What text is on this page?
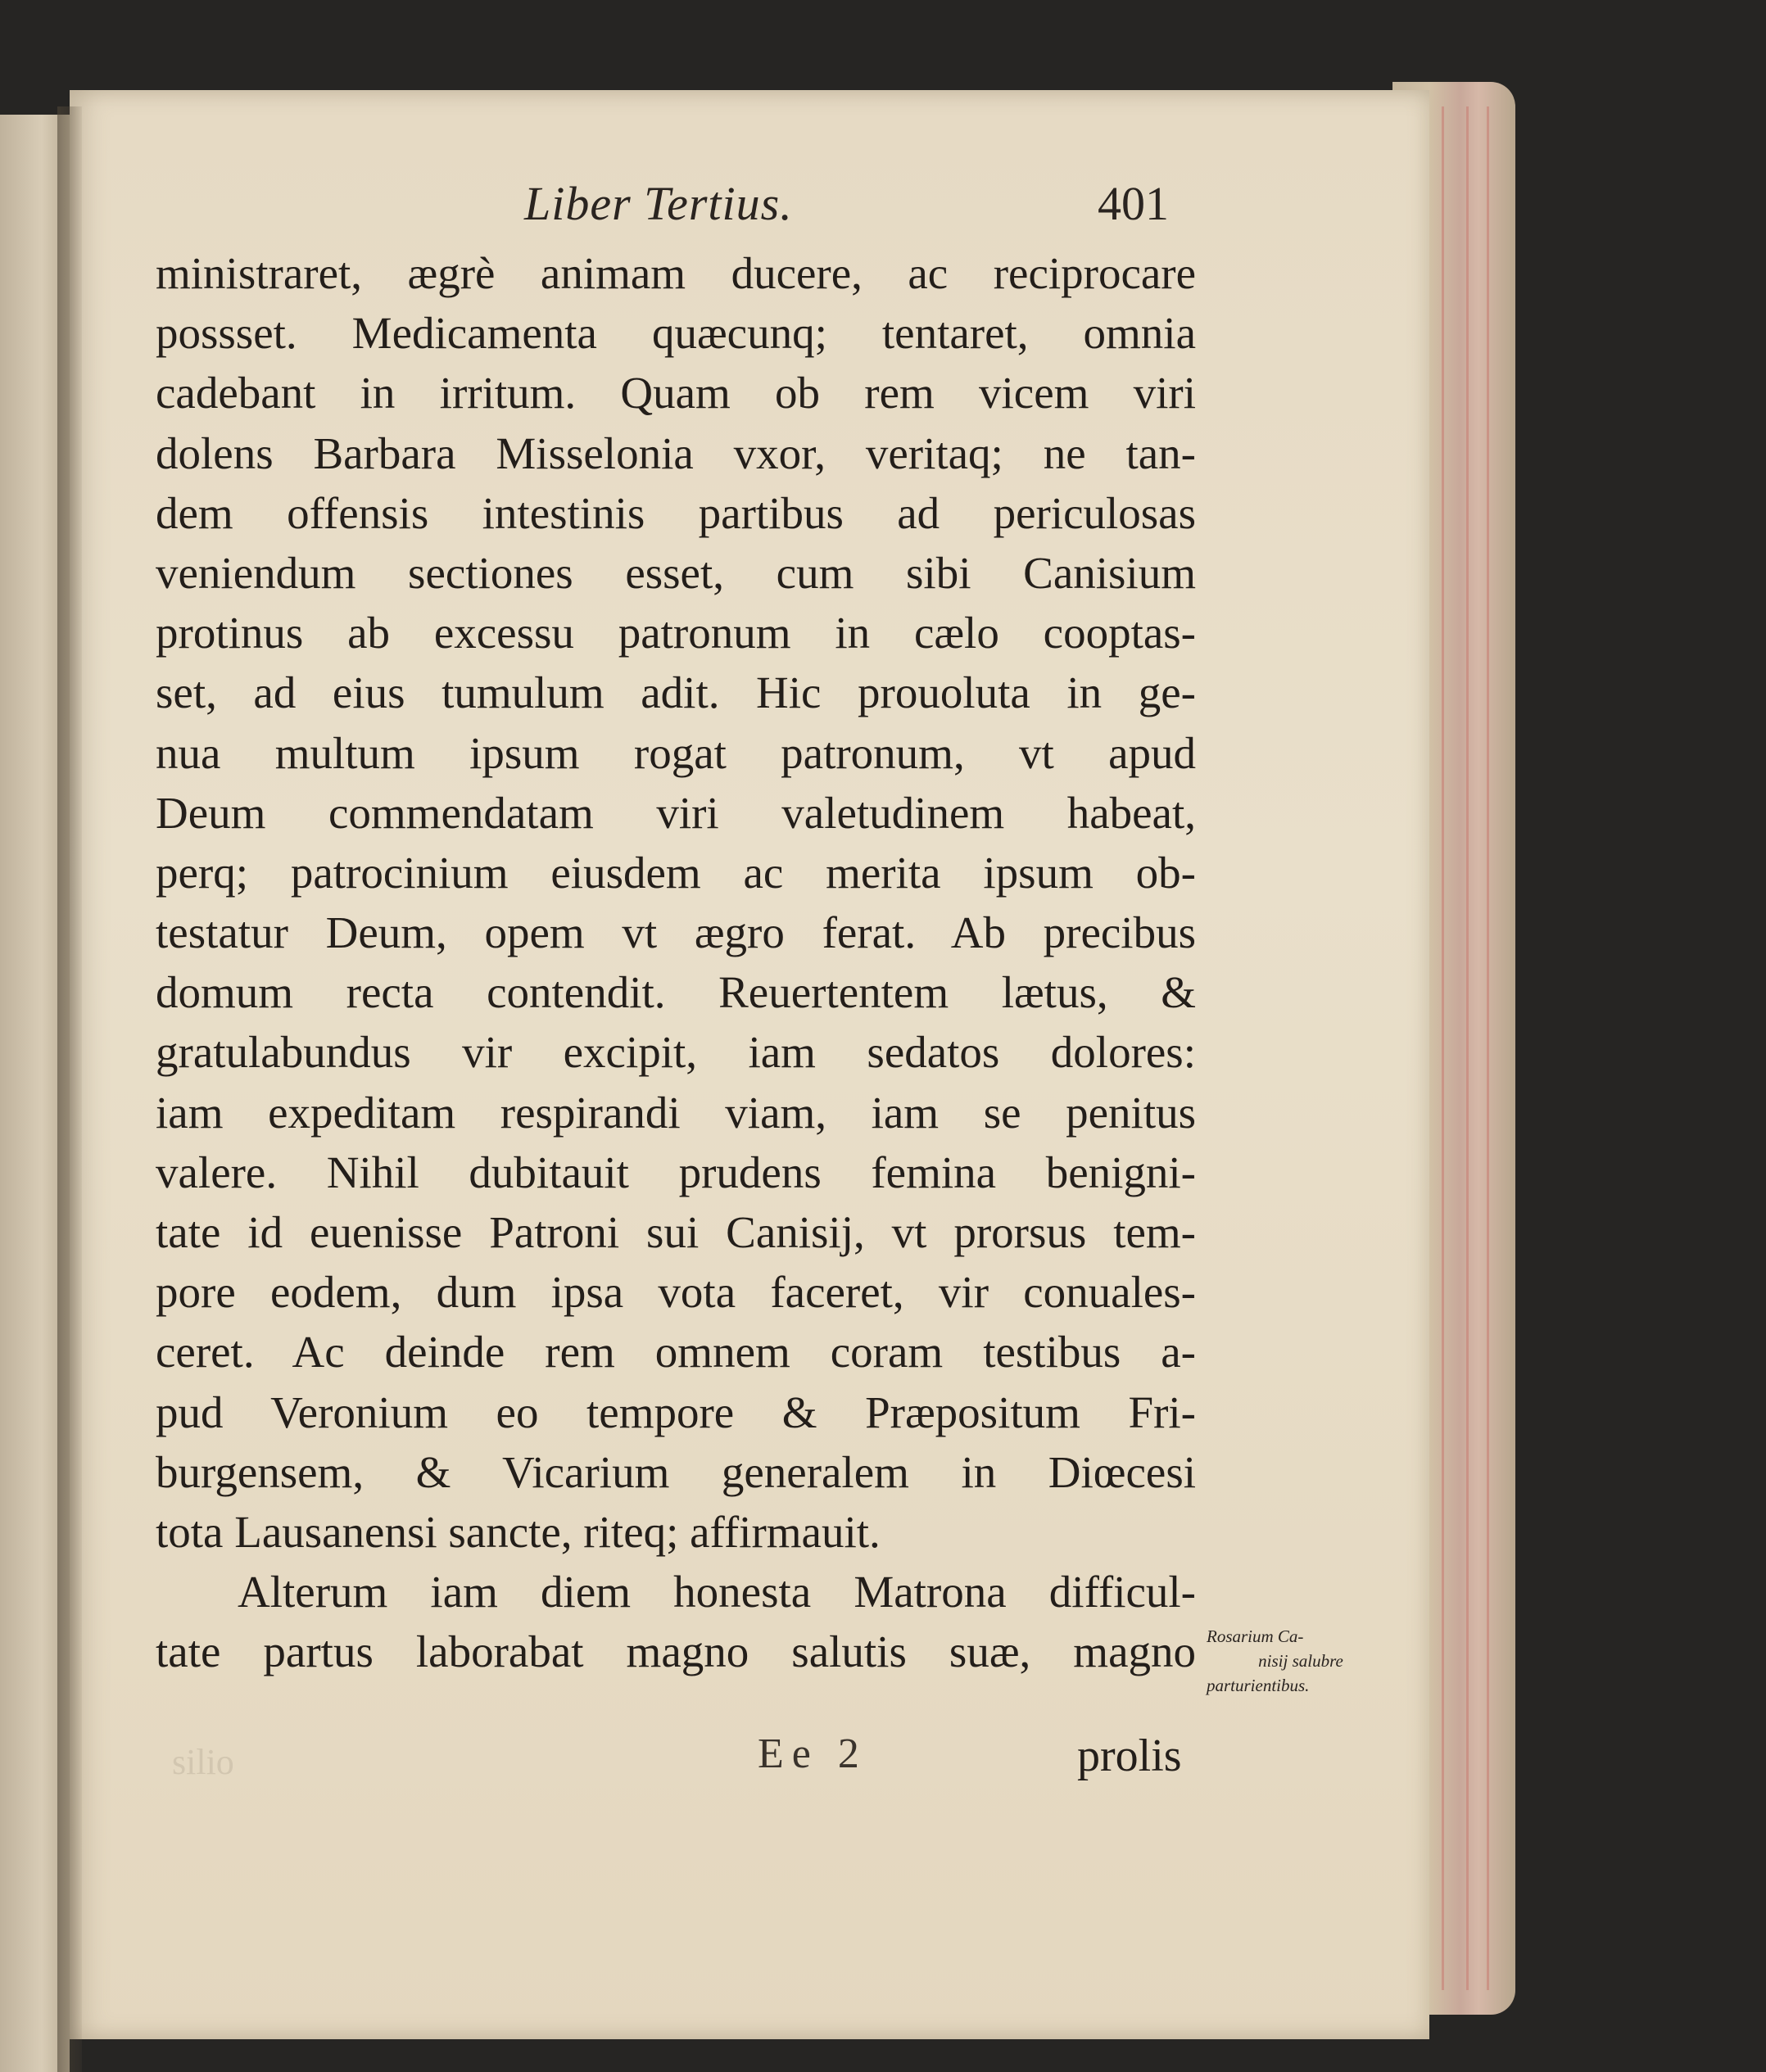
Liber Tertius.	401
ministraret, ægrè animam ducere, ac reciprocare
possset. Medicamenta quæcunq; tentaret, omnia
cadebant in irritum. Quam ob rem vicem viri
dolens Barbara Misselonia vxor, veritaq; ne tan-
dem offensis intestinis partibus ad periculosas
veniendum sectiones esset, cum sibi Canisium
protinus ab excessu patronum in cælo cooptas-
set, ad eius tumulum adit. Hic prouoluta in ge-
nua multum ipsum rogat patronum, vt apud
Deum commendatam viri valetudinem habeat,
perq; patrocinium eiusdem ac merita ipsum ob-
testatur Deum, opem vt ægro ferat. Ab precibus
domum recta contendit. Reuertentem lætus, &
gratulabundus vir excipit, iam sedatos dolores:
iam expeditam respirandi viam, iam se penitus
valere. Nihil dubitauit prudens femina benigni-
tate id euenisse Patroni sui Canisij, vt prorsus tem-
pore eodem, dum ipsa vota faceret, vir conuales-
ceret. Ac deinde rem omnem coram testibus a-
pud Veronium eo tempore & Præpositum Fri-
burgensem, & Vicarium generalem in Diœcesi
tota Lausanensi sancte, riteq; affirmauit.
Alterum iam diem honesta Matrona difficul-
tate partus laborabat magno salutis suæ, magno Rosarium Ca-
nisij salubre
parturientibus.
silio	Ee 2	prolis
